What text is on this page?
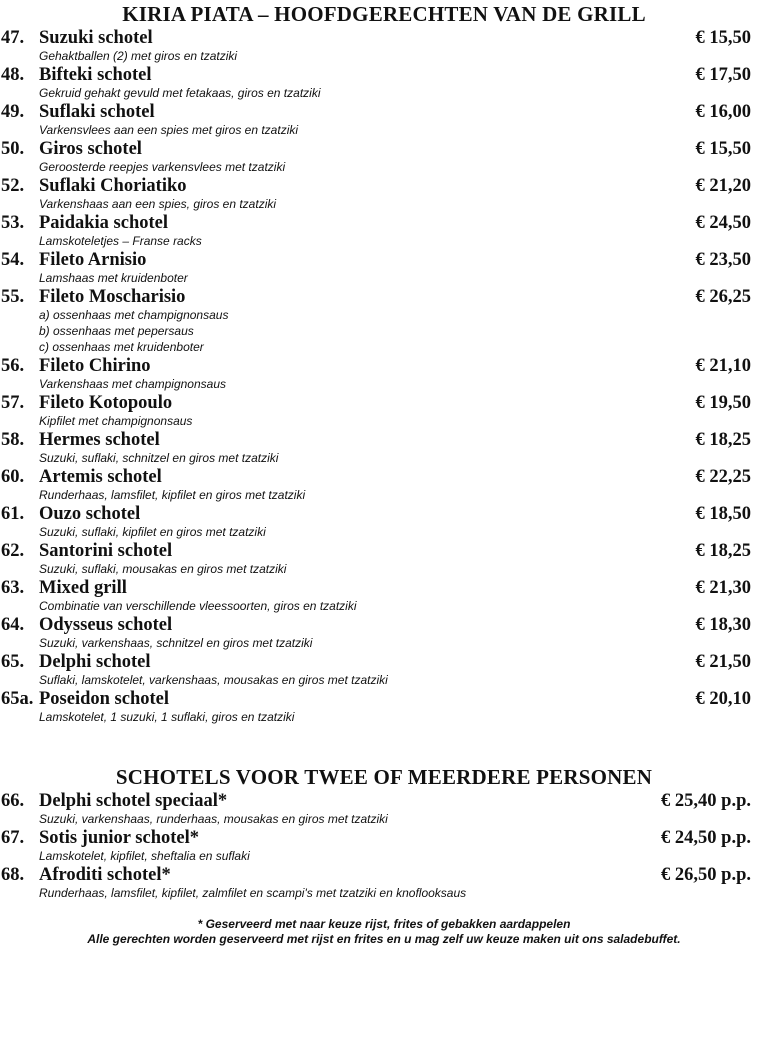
KIRIA PIATA – HOOFDGERECHTEN VAN DE GRILL
47. Suzuki schotel	€ 15,50
Gehaktballen (2) met giros en tzatziki
48. Bifteki schotel	€ 17,50
Gekruid gehakt gevuld met fetakaas, giros en tzatziki
49. Suflaki schotel	€ 16,00
Varkensvlees aan een spies met giros en tzatziki
50. Giros schotel	€ 15,50
Geroosterde reepjes varkensvlees met tzatziki
52. Suflaki Choriatiko	€ 21,20
Varkenshaas aan een spies, giros en tzatziki
53. Paidakia schotel	€ 24,50
Lamskoteletjes – Franse racks
54. Fileto Arnisio	€ 23,50
Lamshaas met kruidenboter
55. Fileto Moscharisio	€ 26,25
a) ossenhaas met champignonsaus
b) ossenhaas met pepersaus
c) ossenhaas met kruidenboter
56. Fileto Chirino	€ 21,10
Varkenshaas met champignonsaus
57. Fileto Kotopoulo	€ 19,50
Kipfilet met champignonsaus
58. Hermes schotel	€ 18,25
Suzuki, suflaki, schnitzel en giros met tzatziki
60. Artemis schotel	€ 22,25
Runderhaas, lamsfilet, kipfilet en giros met tzatziki
61. Ouzo schotel	€ 18,50
Suzuki, suflaki, kipfilet en giros met tzatziki
62. Santorini schotel	€ 18,25
Suzuki, suflaki, mousakas en giros met tzatziki
63. Mixed grill	€ 21,30
Combinatie van verschillende vleessoorten, giros en tzatziki
64. Odysseus schotel	€ 18,30
Suzuki, varkenshaas, schnitzel en giros met tzatziki
65. Delphi schotel	€ 21,50
Suflaki, lamskotelet, varkenshaas, mousakas en giros met tzatziki
65a. Poseidon schotel	€ 20,10
Lamskotelet, 1 suzuki, 1 suflaki, giros en tzatziki
SCHOTELS VOOR TWEE OF MEERDERE PERSONEN
66. Delphi schotel speciaal*	€ 25,40 p.p.
Suzuki, varkenshaas, runderhaas, mousakas en giros met tzatziki
67. Sotis junior schotel*	€ 24,50 p.p.
Lamskotelet, kipfilet, sheftalia en suflaki
68. Afroditi schotel*	€ 26,50 p.p.
Runderhaas, lamsfilet, kipfilet, zalmfilet en scampi's met tzatziki en knoflooksaus
* Geserveerd met naar keuze rijst, frites of gebakken aardappelen
Alle gerechten worden geserveerd met rijst en frites en u mag zelf uw keuze maken uit ons saladebuffet.
